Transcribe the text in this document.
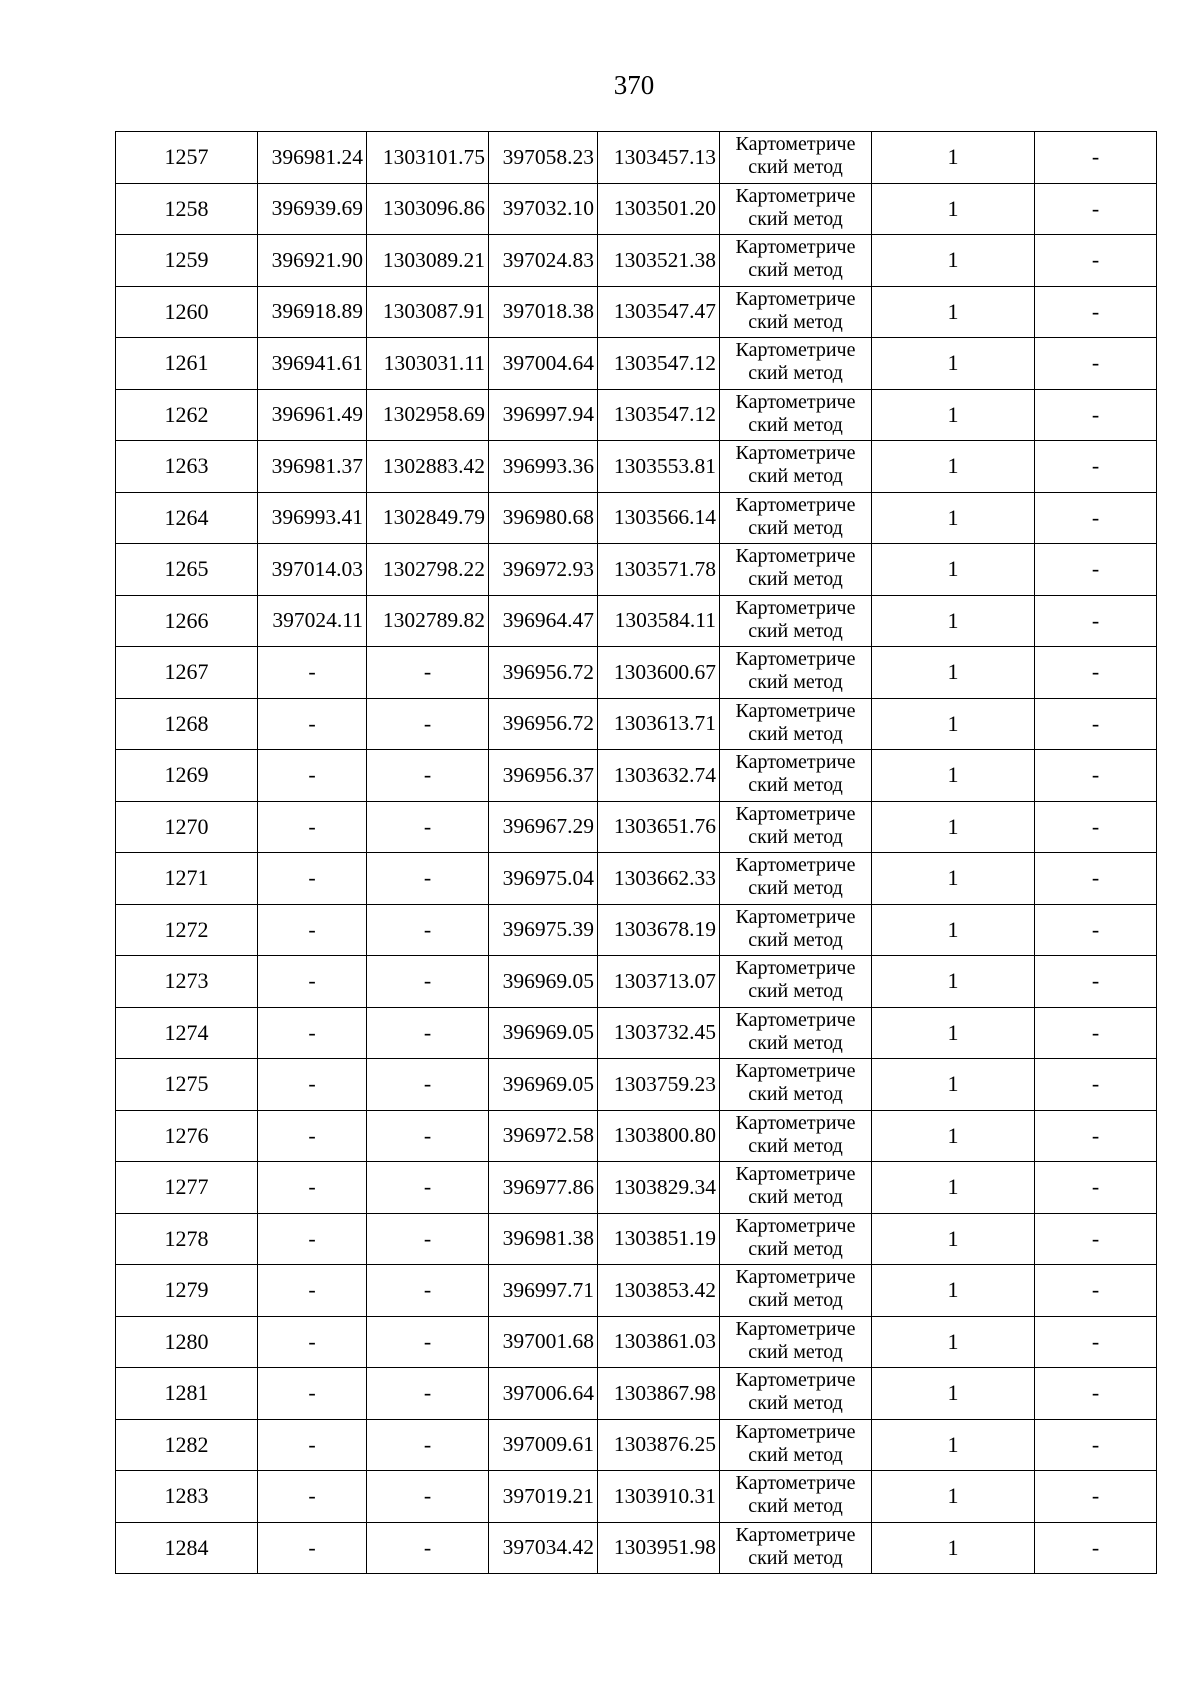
370
1257	396981.24	1303101.75	397058.23	1303457.13	Картометриче
ский метод	1	-
1258	396939.69	1303096.86	397032.10	1303501.20	Картометриче
ский метод	1	-
1259	396921.90	1303089.21	397024.83	1303521.38	Картометриче
ский метод	1	-
1260	396918.89	1303087.91	397018.38	1303547.47	Картометриче
ский метод	1	-
1261	396941.61	1303031.11	397004.64	1303547.12	Картометриче
ский метод	1	-
1262	396961.49	1302958.69	396997.94	1303547.12	Картометриче
ский метод	1	-
1263	396981.37	1302883.42	396993.36	1303553.81	Картометриче
ский метод	1	-
1264	396993.41	1302849.79	396980.68	1303566.14	Картометриче
ский метод	1	-
1265	397014.03	1302798.22	396972.93	1303571.78	Картометриче
ский метод	1	-
1266	397024.11	1302789.82	396964.47	1303584.11	Картометриче
ский метод	1	-
1267	-	-	396956.72	1303600.67	Картометриче
ский метод	1	-
1268	-	-	396956.72	1303613.71	Картометриче
ский метод	1	-
1269	-	-	396956.37	1303632.74	Картометриче
ский метод	1	-
1270	-	-	396967.29	1303651.76	Картометриче
ский метод	1	-
1271	-	-	396975.04	1303662.33	Картометриче
ский метод	1	-
1272	-	-	396975.39	1303678.19	Картометриче
ский метод	1	-
1273	-	-	396969.05	1303713.07	Картометриче
ский метод	1	-
1274	-	-	396969.05	1303732.45	Картометриче
ский метод	1	-
1275	-	-	396969.05	1303759.23	Картометриче
ский метод	1	-
1276	-	-	396972.58	1303800.80	Картометриче
ский метод	1	-
1277	-	-	396977.86	1303829.34	Картометриче
ский метод	1	-
1278	-	-	396981.38	1303851.19	Картометриче
ский метод	1	-
1279	-	-	396997.71	1303853.42	Картометриче
ский метод	1	-
1280	-	-	397001.68	1303861.03	Картометриче
ский метод	1	-
1281	-	-	397006.64	1303867.98	Картометриче
ский метод	1	-
1282	-	-	397009.61	1303876.25	Картометриче
ский метод	1	-
1283	-	-	397019.21	1303910.31	Картометриче
ский метод	1	-
1284	-	-	397034.42	1303951.98	Картометриче
ский метод	1	-
